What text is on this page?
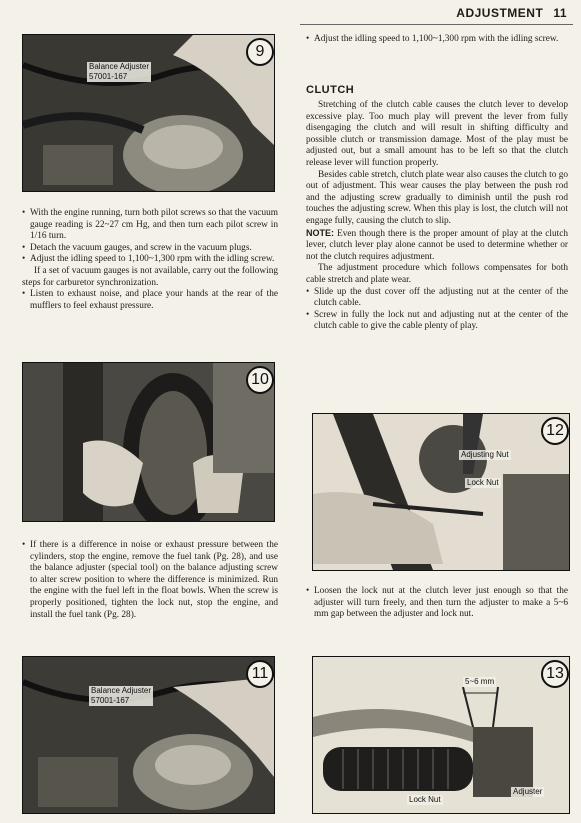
ADJUSTMENT 11
Balance Adjuster
57001-167
9

• With the engine running, turn both pilot screws so that the vacuum gauge reading is 22~27 cm Hg, and then turn each pilot screw in 1/16 turn.

• Detach the vacuum gauges, and screw in the vacuum plugs.

• Adjust the idling speed to 1,100~1,300 rpm with the idling screw.

If a set of vacuum gauges is not available, carry out the following steps for carburetor synchronization.

• Listen to exhaust noise, and place your hands at the rear of the mufflers to feel exhaust pressure.

10

• If there is a difference in noise or exhaust pressure between the cylinders, stop the engine, remove the fuel tank (Pg. 28), and use the balance adjuster (special tool) on the balance adjusting screw to alter screw position to where the difference is minimized. Run the engine with the fuel left in the float bowls. When the screw is properly positioned, tighten the lock nut, stop the engine, and install the fuel tank (Pg. 28).

Balance Adjuster
57001-167
11

• Adjust the idling speed to 1,100~1,300 rpm with the idling screw.

CLUTCH

Stretching of the clutch cable causes the clutch lever to develop excessive play. Too much play will prevent the lever from fully disengaging the clutch and will result in shifting difficulty and possible clutch or transmission damage. Most of the play must be adjusted out, but a small amount has to be left so that the clutch release lever will function properly.

Besides cable stretch, clutch plate wear also causes the clutch to go out of adjustment. This wear causes the play between the push rod and the adjusting screw gradually to diminish until the push rod touches the adjusting screw. When this play is lost, the clutch will not engage fully, causing the clutch to slip.

NOTE: Even though there is the proper amount of play at the clutch lever, clutch lever play alone cannot be used to determine whether or not the clutch requires adjustment.

The adjustment procedure which follows compensates for both cable stretch and plate wear.

• Slide up the dust cover off the adjusting nut at the center of the clutch cable.

• Screw in fully the lock nut and adjusting nut at the center of the clutch cable to give the cable plenty of play.

Adjusting Nut
Lock Nut
12

• Loosen the lock nut at the clutch lever just enough so that the adjuster will turn freely, and then turn the adjuster to make a 5~6 mm gap between the adjuster and lock nut.

5~6 mm
Lock Nut
Adjuster
13
